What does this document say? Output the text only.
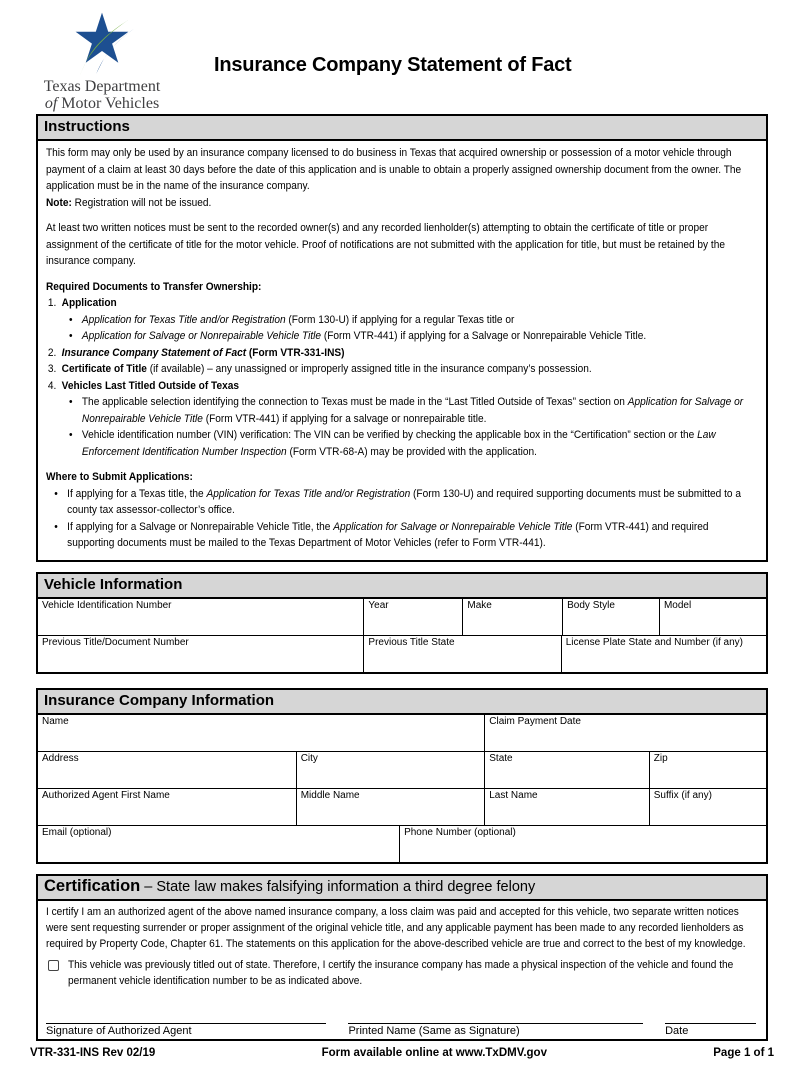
Texas Department
of Motor Vehicles
Insurance Company Statement of Fact
Instructions
This form may only be used by an insurance company licensed to do business in Texas that acquired ownership or possession of a motor vehicle through payment of a claim at least 30 days before the date of this application and is unable to obtain a properly assigned ownership document from the owner. The application must be in the name of the insurance company.
Note: Registration will not be issued.
At least two written notices must be sent to the recorded owner(s) and any recorded lienholder(s) attempting to obtain the certificate of title or proper assignment of the certificate of title for the motor vehicle. Proof of notifications are not submitted with the application for title, but must be retained by the insurance company.
Required Documents to Transfer Ownership:
1. Application
• Application for Texas Title and/or Registration (Form 130-U) if applying for a regular Texas title or
• Application for Salvage or Nonrepairable Vehicle Title (Form VTR-441) if applying for a Salvage or Nonrepairable Vehicle Title.
2. Insurance Company Statement of Fact (Form VTR-331-INS)
3. Certificate of Title (if available) – any unassigned or improperly assigned title in the insurance company’s possession.
4. Vehicles Last Titled Outside of Texas
• The applicable selection identifying the connection to Texas must be made in the “Last Titled Outside of Texas” section on Application for Salvage or Nonrepairable Vehicle Title (Form VTR-441) if applying for a salvage or nonrepairable title.
• Vehicle identification number (VIN) verification: The VIN can be verified by checking the applicable box in the “Certification” section or the Law Enforcement Identification Number Inspection (Form VTR-68-A) may be provided with the application.
Where to Submit Applications:
• If applying for a Texas title, the Application for Texas Title and/or Registration (Form 130-U) and required supporting documents must be submitted to a county tax assessor-collector’s office.
• If applying for a Salvage or Nonrepairable Vehicle Title, the Application for Salvage or Nonrepairable Vehicle Title (Form VTR-441) and required supporting documents must be mailed to the Texas Department of Motor Vehicles (refer to Form VTR-441).
Vehicle Information
Vehicle Identification Number	Year	Make	Body Style	Model
Previous Title/Document Number	Previous Title State	License Plate State and Number (if any)
Insurance Company Information
Name	Claim Payment Date
Address	City	State	Zip
Authorized Agent First Name	Middle Name	Last Name	Suffix (if any)
Email (optional)	Phone Number (optional)
Certification – State law makes falsifying information a third degree felony
I certify I am an authorized agent of the above named insurance company, a loss claim was paid and accepted for this vehicle, two separate written notices were sent requesting surrender or proper assignment of the original vehicle title, and any applicable payment has been made to any recorded lienholders as required by Property Code, Chapter 61. The statements on this application for the above-described vehicle are true and correct to the best of my knowledge.
This vehicle was previously titled out of state. Therefore, I certify the insurance company has made a physical inspection of the vehicle and found the permanent vehicle identification number to be as indicated above.
Signature of Authorized Agent	Printed Name (Same as Signature)	Date
VTR-331-INS Rev 02/19	Form available online at www.TxDMV.gov	Page 1 of 1
